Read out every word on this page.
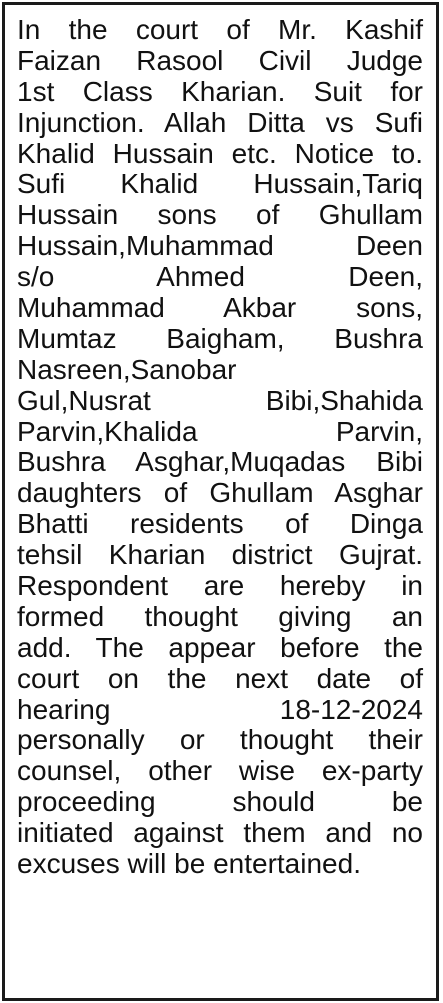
In the court of Mr. Kashif
Faizan Rasool Civil Judge
1st Class Kharian. Suit for
Injunction. Allah Ditta vs Sufi
Khalid Hussain etc. Notice to.
Sufi Khalid Hussain,Tariq
Hussain sons of Ghullam
Hussain,Muhammad Deen
s/o Ahmed Deen,
Muhammad Akbar sons,
Mumtaz Baigham, Bushra
Nasreen,Sanobar
Gul,Nusrat Bibi,Shahida
Parvin,Khalida Parvin,
Bushra Asghar,Muqadas Bibi
daughters of Ghullam Asghar
Bhatti residents of Dinga
tehsil Kharian district Gujrat.
Respondent are hereby in
formed thought giving an
add. The appear before the
court on the next date of
hearing 18-12-2024
personally or thought their
counsel, other wise ex-party
proceeding should be
initiated against them and no
excuses will be entertained.
